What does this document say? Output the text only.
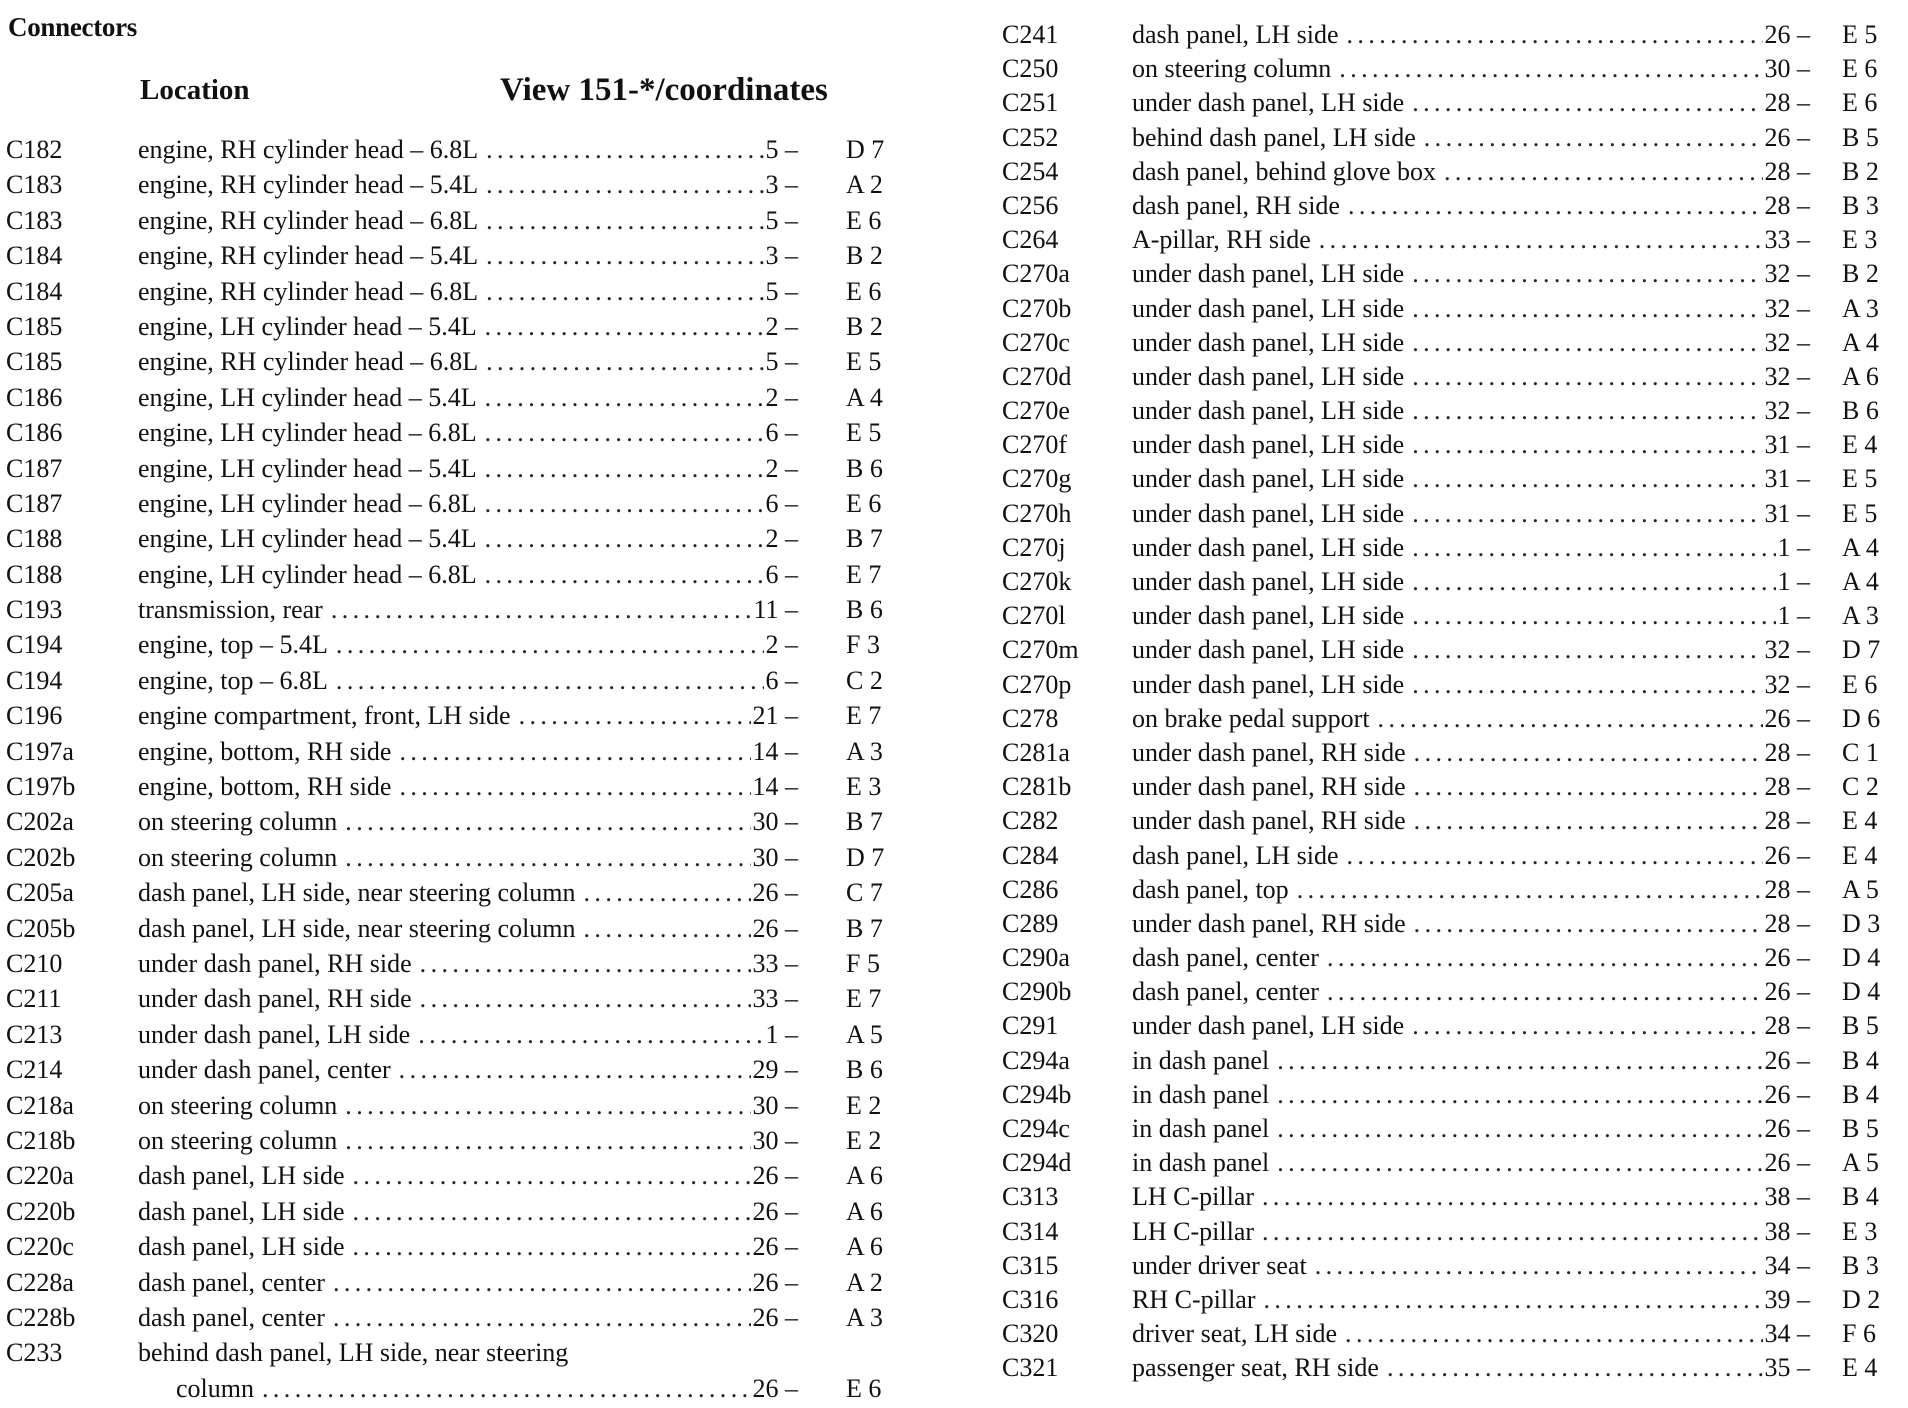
Connectors
Location	View 151-*/coordinates
C182	engine, RH cylinder head – 6.8L .....	5 – D 7
C183	engine, RH cylinder head – 5.4L .....	3 – A 2
C183	engine, RH cylinder head – 6.8L .....	5 – E 6
C184	engine, RH cylinder head – 5.4L .....	3 – B 2
C184	engine, RH cylinder head – 6.8L .....	5 – E 6
C185	engine, LH cylinder head – 5.4L .....	2 – B 2
C185	engine, RH cylinder head – 6.8L .....	5 – E 5
C186	engine, LH cylinder head – 5.4L .....	2 – A 4
C186	engine, LH cylinder head – 6.8L .....	6 – E 5
C187	engine, LH cylinder head – 5.4L .....	2 – B 6
C187	engine, LH cylinder head – 6.8L .....	6 – E 6
C188	engine, LH cylinder head – 5.4L .....	2 – B 7
C188	engine, LH cylinder head – 6.8L .....	6 – E 7
C193	transmission, rear .....	11 – B 6
C194	engine, top – 5.4L .....	2 – F 3
C194	engine, top – 6.8L .....	6 – C 2
C196	engine compartment, front, LH side .....	21 – E 7
C197a engine, bottom, RH side .....	14 – A 3
C197b engine, bottom, RH side .....	14 – E 3
C202a on steering column .....	30 – B 7
C202b on steering column .....	30 – D 7
C205a dash panel, LH side, near steering column .....	26 – C 7
C205b dash panel, LH side, near steering column .....	26 – B 7
C210	under dash panel, RH side .....	33 – F 5
C211	under dash panel, RH side .....	33 – E 7
C213	under dash panel, LH side .....	1 – A 5
C214	under dash panel, center .....	29 – B 6
C218a on steering column .....	30 – E 2
C218b on steering column .....	30 – E 2
C220a dash panel, LH side .....	26 – A 6
C220b dash panel, LH side .....	26 – A 6
C220c dash panel, LH side .....	26 – A 6
C228a dash panel, center .....	26 – A 2
C228b dash panel, center .....	26 – A 3
C233	behind dash panel, LH side, near steering
column .....	26 – E 6
C241	dash panel, LH side .....	26 – E 5
C250	on steering column .....	30 – E 6
C251	under dash panel, LH side .....	28 – E 6
C252	behind dash panel, LH side .....	26 – B 5
C254	dash panel, behind glove box .....	28 – B 2
C256	dash panel, RH side .....	28 – B 3
C264	A-pillar, RH side .....	33 – E 3
C270a under dash panel, LH side .....	32 – B 2
C270b under dash panel, LH side .....	32 – A 3
C270c under dash panel, LH side .....	32 – A 4
C270d under dash panel, LH side .....	32 – A 6
C270e under dash panel, LH side .....	32 – B 6
C270f	under dash panel, LH side .....	31 – E 4
C270g under dash panel, LH side .....	31 – E 5
C270h under dash panel, LH side .....	31 – E 5
C270j	under dash panel, LH side .....	1 – A 4
C270k under dash panel, LH side .....	1 – A 4
C270l	under dash panel, LH side .....	1 – A 3
C270m under dash panel, LH side .....	32 – D 7
C270p under dash panel, LH side .....	32 – E 6
C278	on brake pedal support .....	26 – D 6
C281a under dash panel, RH side .....	28 – C 1
C281b under dash panel, RH side .....	28 – C 2
C282	under dash panel, RH side .....	28 – E 4
C284	dash panel, LH side .....	26 – E 4
C286	dash panel, top .....	28 – A 5
C289	under dash panel, RH side .....	28 – D 3
C290a dash panel, center .....	26 – D 4
C290b dash panel, center .....	26 – D 4
C291	under dash panel, LH side .....	28 – B 5
C294a in dash panel .....	26 – B 4
C294b in dash panel .....	26 – B 4
C294c in dash panel .....	26 – B 5
C294d in dash panel .....	26 – A 5
C313	LH C-pillar .....	38 – B 4
C314	LH C-pillar .....	38 – E 3
C315	under driver seat .....	34 – B 3
C316	RH C-pillar .....	39 – D 2
C320	driver seat, LH side .....	34 – F 6
C321	passenger seat, RH side .....	35 – E 4
